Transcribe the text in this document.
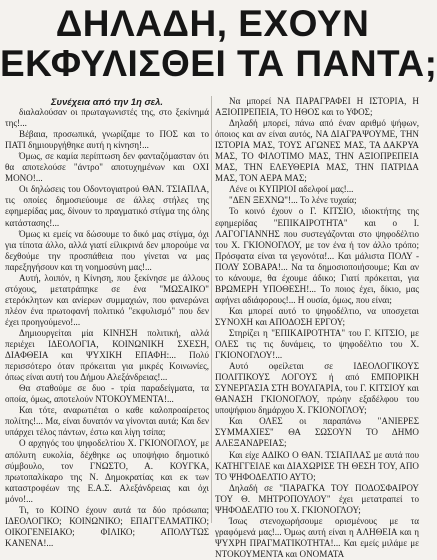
ΔΗΛΑΔΗ, ΕΧΟΥΝ
ΕΚΦΥΛΙΣΘΕΙ ΤΑ ΠΑΝΤΑ;

Συνέχεια από την 1η σελ.

διαλαλούσαν οι πρωταγωνιστές της, στο ξεκίνημά της!...

Βέβαια, προσωπικά, γνωρίζαμε το ΠΟΣ και το ΠΑΤΙ δημιουργήθηκε αυτή η κίνηση!...

Όμως, σε καμία περίπτωση δεν φανταζόμασταν ότι θα αποτελούσε "άντρο" αποτυχημένων και ΟΧΙ ΜΟΝΟ!...

Οι δηλώσεις του Οδοντογιατρού ΘΑΝ. ΤΣΙΑΠΛΑ, τις οποίες δημοσιεύουμε σε άλλες στήλες της εφημερίδας μας, δίνουν το πραγματικό στίγμα της όλης κατάστασης!...

Όμως κι εμείς να δώσουμε το δικό μας στίγμα, όχι για τίποτα άλλο, αλλά γιατί είλικρινά δεν μπορούμε να δεχθούμε την προσπάθεια που γίνεται να μας παρεξηγήσουν και τη νοημοσύνη μας!...

Αυτή, λοιπόν, η Κίνηση, που ξεκίνησε με άλλους στόχους, μετατράπηκε σε ένα "ΜΩΣΑΙΚΟ" ετερόκλητων και ανίερων συμμαχιών, που φανερώνει πλέον ένα πρωτοφανή πολιτικό "εκφυλισμό" που δεν έχει προηγούμενο!...

Δημιουργείται μία ΚΙΝΗΣΗ πολιτική, αλλά περιέχει ΙΔΕΟΛΟΓΙΑ, ΚΟΙΝΩΝΙΚΗ ΣΧΕΣΗ, ΔΙΑΦΘΕΙΑ και ΨΥΧΙΚΗ ΕΠΑΦΗ:... Πολύ περισσότερο όταν πρόκειται για μικρές Κοινωνίες, όπως είναι αυτή του Δήμου Αλεξάνδρειας!...

Θα σταθούμε σε δυο - τρία παραδείγματα, τα οποία, όμως, αποτελούν ΝΤΟΚΟΥΜΕΝΤΑ!...

Και τότε, αναρωτιέται ο καθε καλοπροαίρετος πολίτης!... Μα, είναι δυνατόν να γίνονται αυτά; Και δεν υπάρχει τέλος πάντων, έστω και λίγη τσίπα;

Ο αρχηγός του ψηφοδελτίου Χ. ΓΚΙΟΝΟΓΛΟΥ, με απόλυτη ευκολία, δέχθηκε ως υποψήφιο δημοτικό σύμβουλο, τον ΓΝΩΣΤΟ, Α. ΚΟΥΓΚΑ, πρωτοπαλίκαρο της Ν. Δημοκρατίας και εκ των καταστροφέων της Ε.Α.Σ. Αλεξάνδρειας και όχι μόνο!...

Τι, το ΚΟΙΝΟ έχουν αυτά τα δύο πρόσωπα; ΙΔΕΟΛΟΓΙΚΟ; ΚΟΙΝΩΝΙΚΟ; ΕΠΑΓΓΕΛΜΑΤΙΚΟ; ΟΙΚΟΓΕΝΕΙΑΚΟ; ΦΙΛΙΚΟ; ΑΠΟΛΥΤΩΣ ΚΑΝΕΝΑ!...

Να μπορεί ΝΑ ΠΑΡΑΓΡΑΦΕΙ Η ΙΣΤΟΡΙΑ, Η ΑΞΙΟΠΡΕΠΕΙΑ, ΤΟ ΗΘΟΣ και το ΥΦΟΣ;

Δηλαδή μπορεί, πάνω από έναν αριθμό ψήφων, όποιος και αν είναι αυτός, ΝΑ ΔΙΑΓΡΑΨΟΥΜΕ, ΤΗΝ ΙΣΤΟΡΙΑ ΜΑΣ, ΤΟΥΣ ΑΓΩΝΕΣ ΜΑΣ, ΤΑ ΔΑΚΡΥΑ ΜΑΣ, ΤΟ ΦΙΛΟΤΙΜΟ ΜΑΣ, ΤΗΝ ΑΞΙΟΠΡΕΠΕΙΑ ΜΑΣ, ΤΗΝ ΕΛΕΥΘΕΡΙΑ ΜΑΣ, ΤΗΝ ΠΑΤΡΙΔΑ ΜΑΣ, ΤΟΝ ΑΕΡΑ ΜΑΣ;

Λένε οι ΚΥΠΡΙΟΙ αδελφοί μας!...

"ΔΕΝ ΞΕΧΝΩ"!... Το λένε τυχαία;

Το κοινό έχουν ο Γ. ΚΙΤΣΙΟ, ιδιοκτήτης της εφημερίδας "ΕΠΙΚΑΙΡΟΤΗΤΑ" και ο Ι. ΛΑΓΟΓΙΑΝΝΗΣ που συστεγάζονται στο ψηφοδέλτιο του Χ. ΓΚΙΟΝΟΓΛΟΥ, με τον ένα ή τον άλλο τρόπο; Πρόσφατα είναι τα γεγονότα!... Και μάλιστα ΠΟΛΥ - ΠΟΛΥ ΣΟΒΑΡΑ!... Να τα δημοσιοποιήσουμε; Και αν το κάνουμε, θα έχουμε άδικο; Γιατί πρόκειται, για ΒΡΩΜΕΡΗ ΥΠΟΘΕΣΗ!... Το ποιος έχει, δίκιο, μας αφήνει αδιάφορους!... Η ουσία, όμως, που είναι;

Και μπορεί αυτό το ψηφοδέλτιο, να υποσχεται ΣΥΝΟΧΗ και ΑΠΟΔΟΣΗ ΕΡΓΟΥ;

Στηρίζει η "ΕΠΙΚΑΙΡΟΤΗΤΑ" του Γ. ΚΙΤΣΙΟ, με ΟΛΕΣ τις τις δυνάμεις, το ψηφοδέλτιο του Χ. ΓΚΙΟΝΟΓΛΟΥ!...

Αυτό οφείλεται σε ΙΔΕΟΛΟΓΙΚΟΥΣ ΠΟΛΙΤΙΚΟΥΣ ΛΟΓΟΥΣ ή από ΕΜΠΟΡΙΚΗ ΣΥΝΕΡΓΑΣΙΑ ΣΤΗ ΒΟΥΛΓΑΡΙΑ, του Γ. ΚΙΤΣΙΟΥ και ΘΑΝΑΣΗ ΓΚΙΟΝΟΓΛΟΥ, πρώην εξαδέλφου του υποψήφιου δημάρχου Χ. ΓΚΙΟΝΟΓΛΟΥ;

Και ΟΛΕΣ οι παραπάνω "ΑΝΙΕΡΕΣ ΣΥΜΜΑΧΙΕΣ" ΘΑ ΣΩΣΟΥΝ ΤΟ ΔΗΜΟ ΑΛΕΞΑΝΔΡΕΙΑΣ;

Και είχε ΑΔΙΚΟ Ο ΘΑΝ. ΤΣΙΑΠΛΑΣ με αυτά που ΚΑΤΗΓΓΕΙΛΕ και ΔΙΑΧΩΡΙΣΕ ΤΗ ΘΕΣΗ ΤΟΥ, ΑΠΟ ΤΟ ΨΗΦΟΔΕΛΤΙΟ ΑΥΤΟ;

Δηλαδή σε "ΠΑΡΑΓΚΑ ΤΟΥ ΠΟΔΟΣΦΑΙΡΟΥ ΤΟΥ Θ. ΜΗΤΡΟΠΟΥΛΟΥ" έχει μετατραπεί το ΨΗΦΟΔΕΛΤΙΟ του Χ. ΓΚΙΟΝΟΓΛΟΥ;

Ίσως στενοχωρήσουμε ορισμένους με τα γραφόμενά μας!... Όμως αυτή είναι η ΑΛΗΘΕΙΑ και η ΨΥΧΡΗ ΠΡΑΓΜΑΤΙΚΟΤΗΤΑ!... Και εμείς μιλάμε με ΝΤΟΚΟΥΜΕΝΤΑ και ΟΝΟΜΑΤΑ
